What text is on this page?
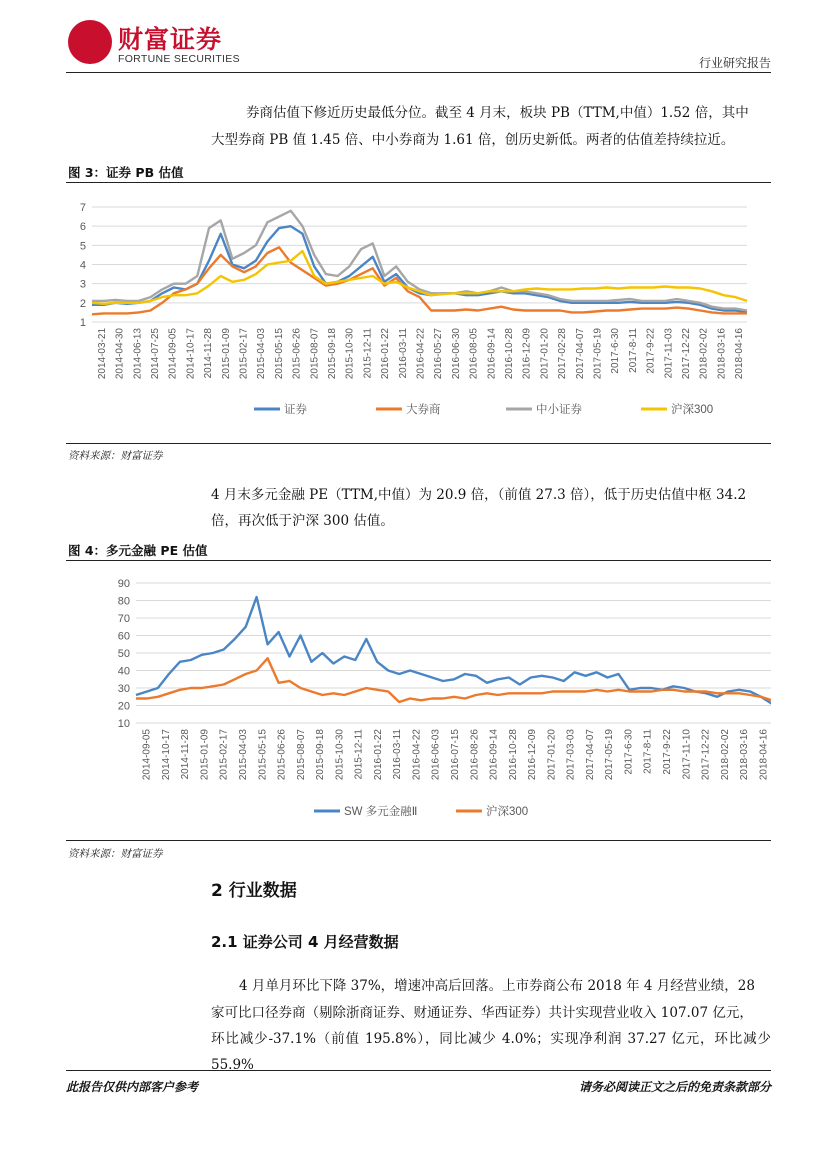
财富证券
FORTUNE SECURITIES	行业研究报告
券商估值下修近历史最低分位。截至 4 月末，板块 PB（TTM,中值）1.52 倍，其中
大型券商 PB 值 1.45 倍、中小券商为 1.61 倍，创历史新低。两者的估值差持续拉近。
图 3：证券 PB 估值
1
2
3
4
5
6
7
2014-03-21 2014-04-30 2014-06-13 2014-07-25 2014-09-05 2014-10-17 2014-11-28 2015-01-09 2015-02-17 2015-04-03 2015-05-15 2015-06-26 2015-08-07 2015-09-18 2015-10-30 2015-12-11 2016-01-22 2016-03-11 2016-04-22 2016-05-27 2016-06-30 2016-08-05 2016-09-14 2016-10-28 2016-12-09 2017-01-20 2017-02-28 2017-04-07 2017-05-19 2017-6-30 2017-8-11 2017-9-22 2017-11-03 2017-12-22 2018-02-02 2018-03-16 2018-04-16
证券	大券商	中小证券	沪深300
资料来源：财富证券
4 月末多元金融 PE（TTM,中值）为 20.9 倍，（前值 27.3 倍），低于历史估值中枢 34.2
倍，再次低于沪深 300 估值。
图 4：多元金融 PE 估值
10
20
30
40
50
60
70
80
90
2014-09-05 2014-10-17 2014-11-28 2015-01-09 2015-02-17 2015-04-03 2015-05-15 2015-06-26 2015-08-07 2015-09-18 2015-10-30 2015-12-11 2016-01-22 2016-03-11 2016-04-22 2016-06-03 2016-07-15 2016-08-26 2016-09-14 2016-10-28 2016-12-09 2017-01-20 2017-03-03 2017-04-07 2017-05-19 2017-6-30 2017-8-11 2017-9-22 2017-11-10 2017-12-22 2018-02-02 2018-03-16 2018-04-16
SW 多元金融Ⅱ	沪深300
资料来源：财富证券
2 行业数据
2.1 证券公司 4 月经营数据
4 月单月环比下降 37%，增速冲高后回落。上市券商公布 2018 年 4 月经营业绩，28
家可比口径券商（剔除浙商证券、财通证券、华西证券）共计实现营业收入 107.07 亿元，
环比减少-37.1%（前值 195.8%），同比减少 4.0%；实现净利润 37.27 亿元，环比减少 55.9%
此报告仅供内部客户参考	请务必阅读正文之后的免责条款部分
